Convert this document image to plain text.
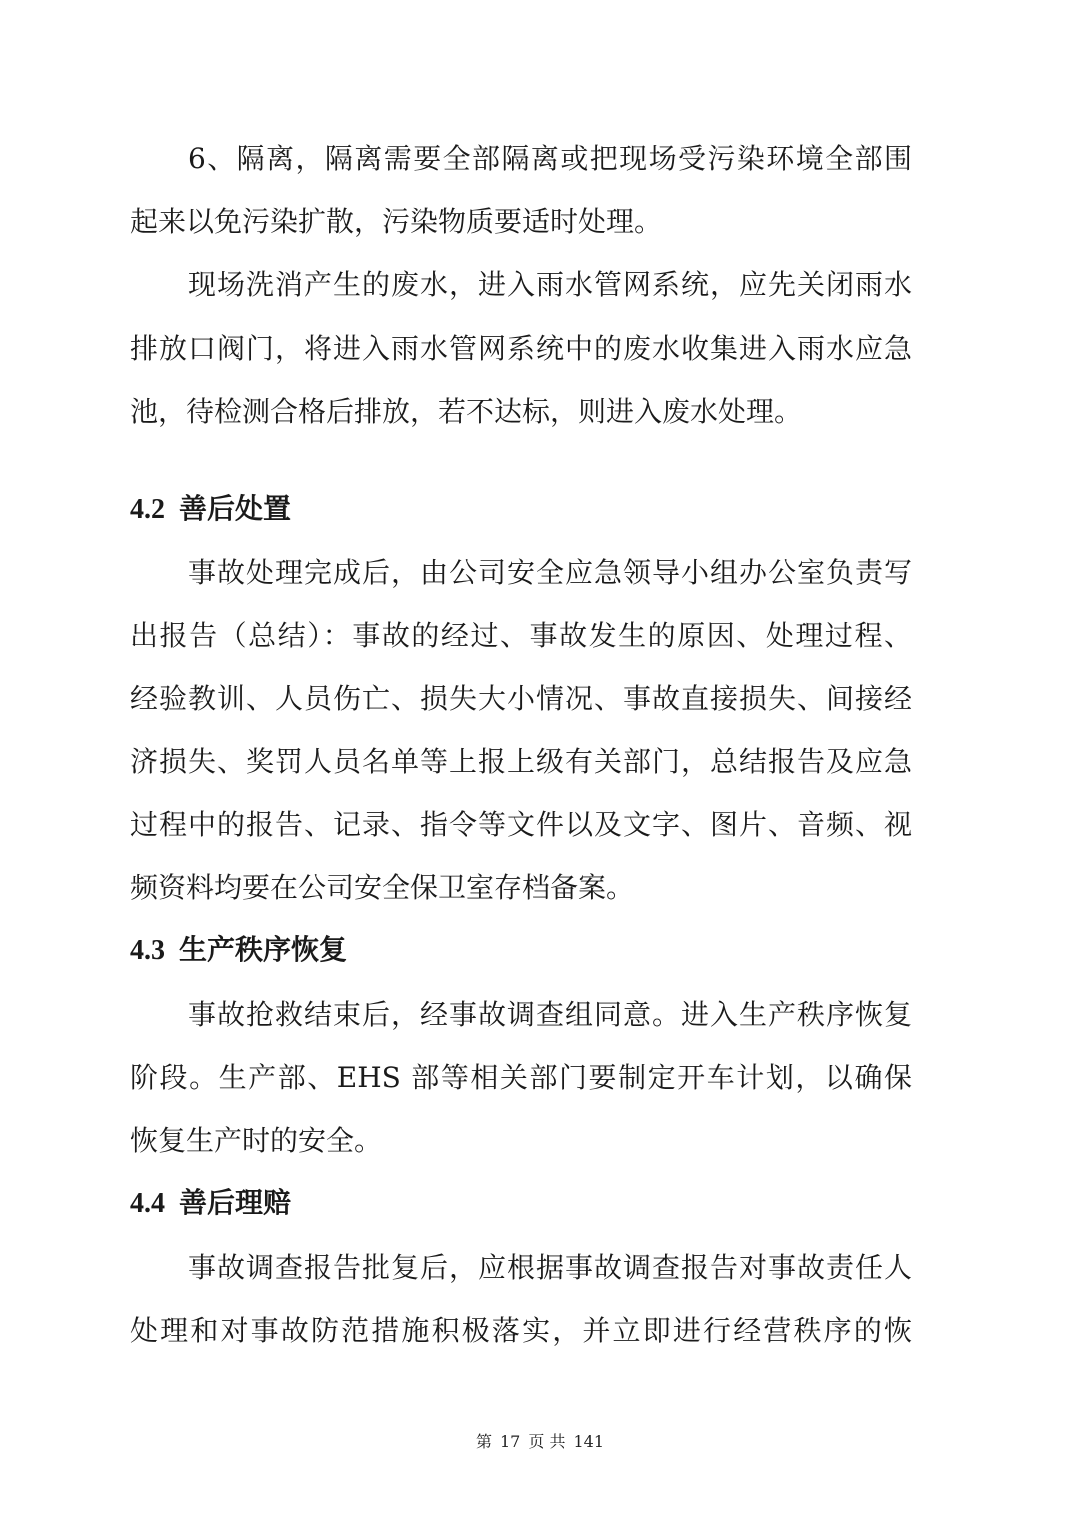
6、隔离，隔离需要全部隔离或把现场受污染环境全部围
起来以免污染扩散，污染物质要适时处理。
现场洗消产生的废水，进入雨水管网系统，应先关闭雨水
排放口阀门，将进入雨水管网系统中的废水收集进入雨水应急
池，待检测合格后排放，若不达标，则进入废水处理。
4.2 善后处置
事故处理完成后，由公司安全应急领导小组办公室负责写
出报告（总结）：事故的经过、事故发生的原因、处理过程、
经验教训、人员伤亡、损失大小情况、事故直接损失、间接经
济损失、奖罚人员名单等上报上级有关部门，总结报告及应急
过程中的报告、记录、指令等文件以及文字、图片、音频、视
频资料均要在公司安全保卫室存档备案。
4.3 生产秩序恢复
事故抢救结束后，经事故调查组同意。进入生产秩序恢复
阶段。生产部、EHS 部等相关部门要制定开车计划，以确保
恢复生产时的安全。
4.4 善后理赔
事故调查报告批复后，应根据事故调查报告对事故责任人
处理和对事故防范措施积极落实，并立即进行经营秩序的恢
第 17 页 共 141
